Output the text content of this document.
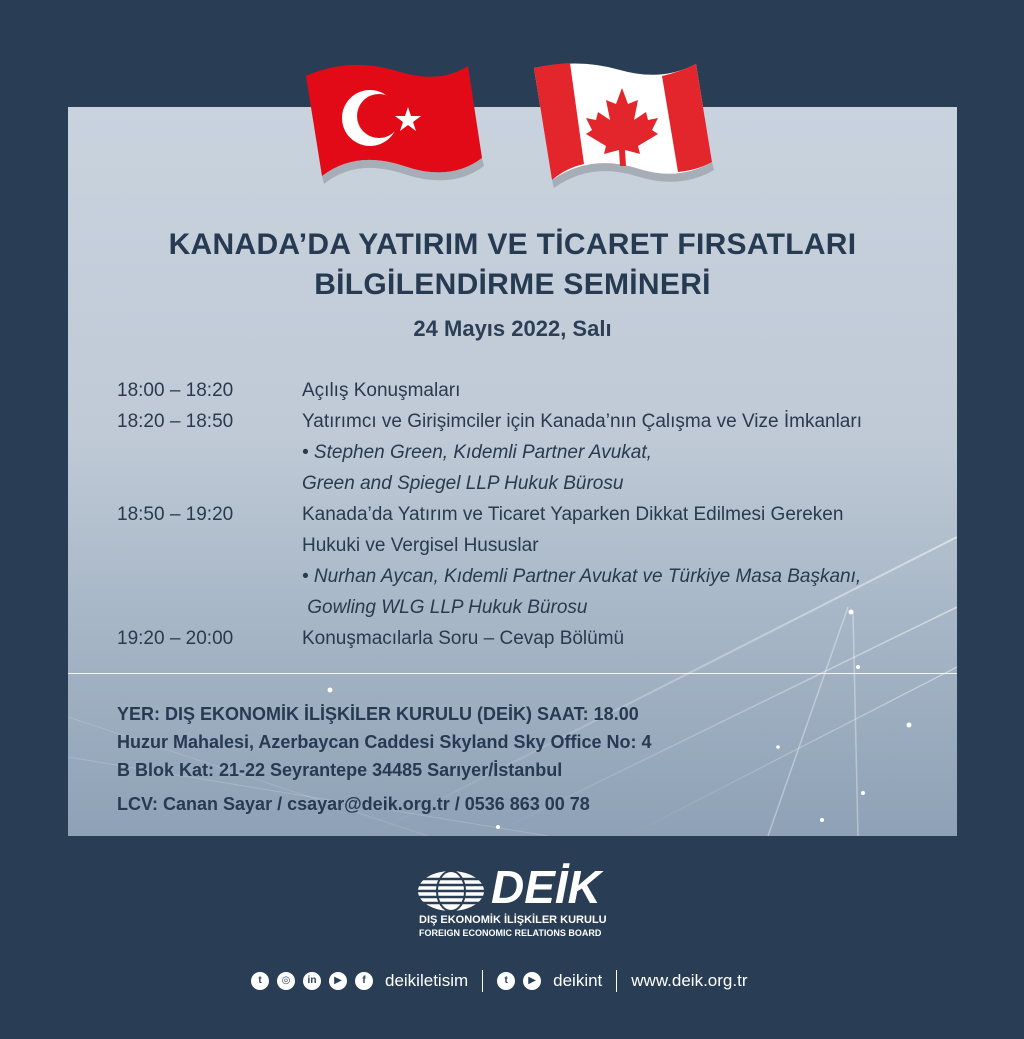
KANADA’DA YATIRIM VE TİCARET FIRSATLARI
BİLGİLENDİRME SEMİNERİ
24 Mayıs 2022, Salı
18:00 – 18:20	Açılış Konuşmaları
18:20 – 18:50	Yatırımcı ve Girişimciler için Kanada’nın Çalışma ve Vize İmkanları
• Stephen Green, Kıdemli Partner Avukat,
Green and Spiegel LLP Hukuk Bürosu
18:50 – 19:20	Kanada’da Yatırım ve Ticaret Yaparken Dikkat Edilmesi Gereken
Hukuki ve Vergisel Hususlar
• Nurhan Aycan, Kıdemli Partner Avukat ve Türkiye Masa Başkanı,
Gowling WLG LLP Hukuk Bürosu
19:20 – 20:00	Konuşmacılarla Soru – Cevap Bölümü
YER: DIŞ EKONOMİK İLİŞKİLER KURULU (DEİK) SAAT: 18.00
Huzur Mahalesi, Azerbaycan Caddesi Skyland Sky Office No: 4
B Blok Kat: 21-22 Seyrantepe 34485 Sarıyer/İstanbul
LCV: Canan Sayar / csayar@deik.org.tr / 0536 863 00 78
DEİK
DIŞ EKONOMİK İLİŞKİLER KURULU
FOREIGN ECONOMIC RELATIONS BOARD
t	◎	in	▶	f	deikiletisim	t	▶	deikint www.deik.org.tr
